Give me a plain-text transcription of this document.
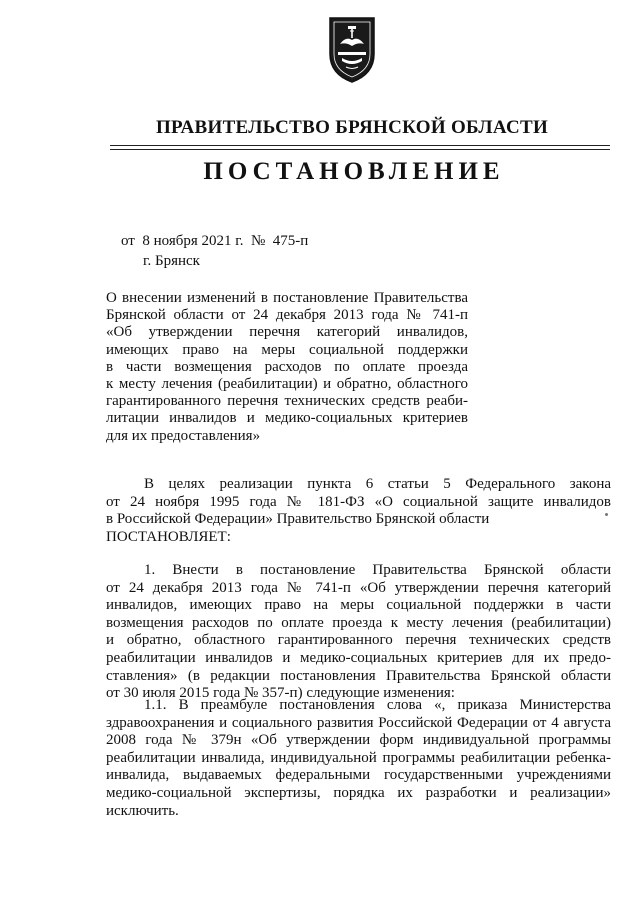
ПРАВИТЕЛЬСТВО БРЯНСКОЙ ОБЛАСТИ
ПОСТАНОВЛЕНИЕ
от  8 ноября 2021 г.  №  475-п
г. Брянск
О внесении изменений в постановление Правительства
Брянской области от 24 декабря 2013 года № 741-п
«Об утверждении перечня категорий инвалидов,
имеющих право на меры социальной поддержки
в части возмещения расходов по оплате проезда
к месту лечения (реабилитации) и обратно, областного
гарантированного перечня технических средств реаби-
литации инвалидов и медико-социальных критериев
для их предоставления»
В целях реализации пункта 6 статьи 5 Федерального закона
от 24 ноября 1995 года № 181-ФЗ «О социальной защите инвалидов
в Российской Федерации» Правительство Брянской области
ПОСТАНОВЛЯЕТ:
1. Внести в постановление Правительства Брянской области
от 24 декабря 2013 года № 741-п «Об утверждении перечня категорий
инвалидов, имеющих право на меры социальной поддержки в части
возмещения расходов по оплате проезда к месту лечения (реабилитации)
и обратно, областного гарантированного перечня технических средств
реабилитации инвалидов и медико-социальных критериев для их предо-
ставления» (в редакции постановления Правительства Брянской области
от 30 июля 2015 года № 357-п) следующие изменения:
1.1. В преамбуле постановления слова «, приказа Министерства
здравоохранения и социального развития Российской Федерации от 4 августа
2008 года № 379н «Об утверждении форм индивидуальной программы
реабилитации инвалида, индивидуальной программы реабилитации ребенка-
инвалида, выдаваемых федеральными государственными учреждениями
медико-социальной экспертизы, порядка их разработки и реализации»
исключить.
